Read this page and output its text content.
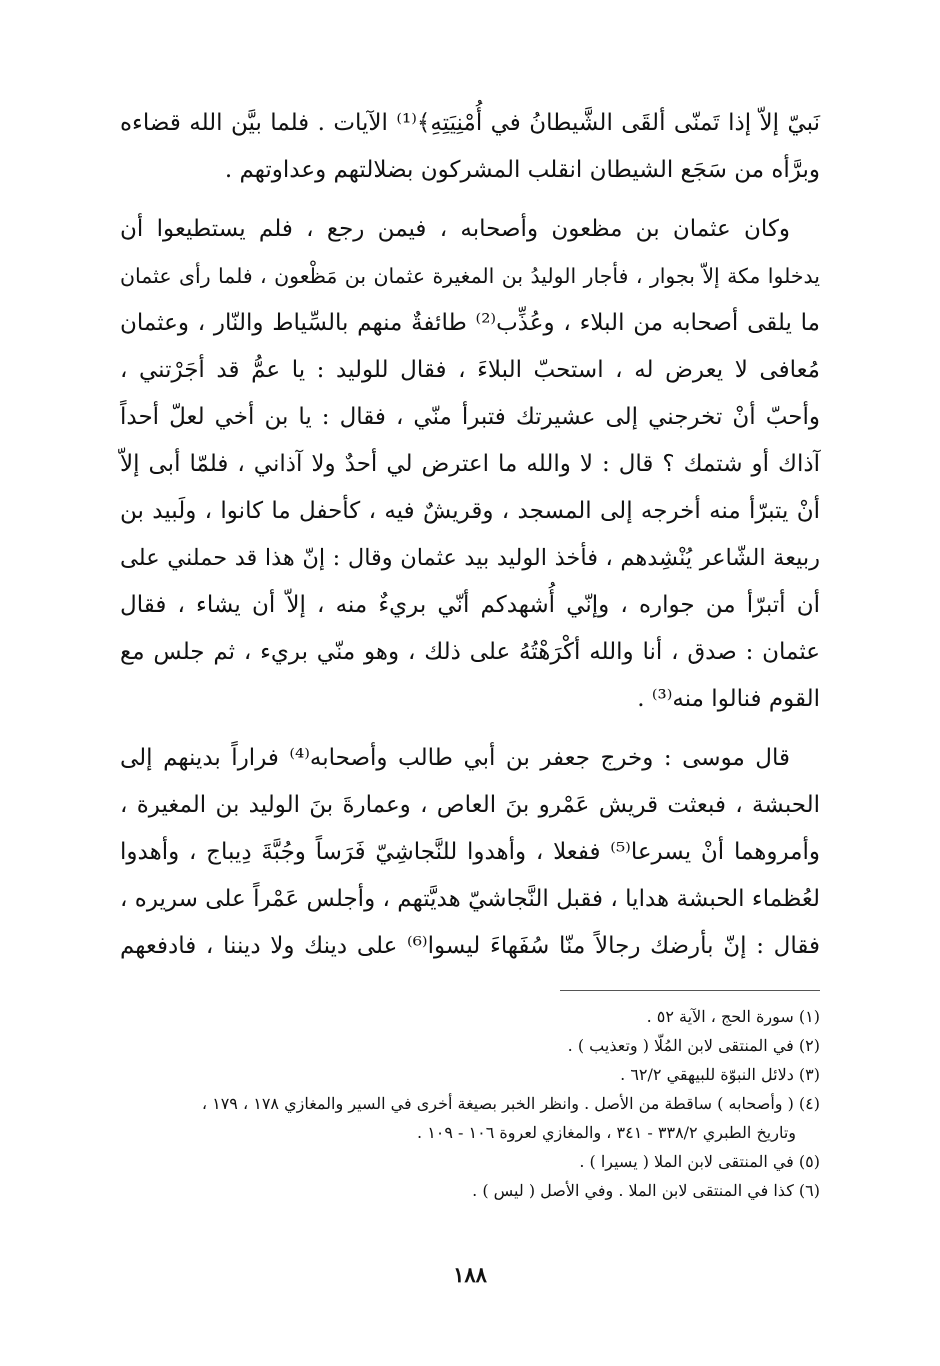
نَبيّ إلاّ إذا تَمنّى ألقَى الشَّيطانُ في أُمْنِيَتِهِ﴾⁽¹⁾ الآيات . فلما بيَّن الله قضاءه
وبرَّأه من سَجَع الشيطان انقلب المشركون بضلالتهم وعداوتهم .
وكان عثمان بن مظعون وأصحابه ، فيمن رجع ، فلم يستطيعوا أن
يدخلوا مكة إلاّ بجوار ، فأجار الوليدُ بن المغيرة عثمان بن مَظْعون ، فلما رأى عثمان
ما يلقى أصحابه من البلاء ، وعُذِّب⁽²⁾ طائفةٌ منهم بالسِّياط والنّار ، وعثمان
مُعافى لا يعرض له ، استحبّ البلاءَ ، فقال للوليد : يا عمُّ قد أجَرْتني ،
وأحبّ أنْ تخرجني إلى عشيرتك فتبرأ منّي ، فقال : يا بن أخي لعلّ أحداً
آذاك أو شتمك ؟ قال : لا والله ما اعترض لي أحدٌ ولا آذاني ، فلمّا أبى إلاّ
أنْ يتبرّأ منه أخرجه إلى المسجد ، وقريشٌ فيه ، كأحفل ما كانوا ، ولَبيد بن
ربيعة الشّاعر يُنْشِدهم ، فأخذ الوليد بيد عثمان وقال : إنّ هذا قد حملني على
أن أتبرّأ من جواره ، وإنّي أُشهدكم أنّي بريءٌ منه ، إلاّ أن يشاء ، فقال
عثمان : صدق ، أنا والله أكْرَهْتُهُ على ذلك ، وهو منّي بريء ، ثم جلس مع
القوم فنالوا منه⁽³⁾ .
قال موسى : وخرج جعفر بن أبي طالب وأصحابه⁽⁴⁾ فراراً بدينهم إلى
الحبشة ، فبعثت قريش عَمْرو بنَ العاص ، وعمارةَ بنَ الوليد بن المغيرة ،
وأمروهما أنْ يسرعا⁽⁵⁾ ففعلا ، وأهدوا للنَّجاشِيّ فَرَساً وجُبَّةَ دِيباج ، وأهدوا
لعُظماء الحبشة هدايا ، فقبل النَّجاشيّ هديَّتهم ، وأجلس عَمْراً على سريره ،
فقال : إنّ بأرضك رجالاً منّا سُفَهاءَ ليسوا⁽⁶⁾ على دينك ولا ديننا ، فادفعهم
(١) سورة الحج ، الآية ٥٢ .
(٢) في المنتقى لابن المُلّا ( وتعذيب ) .
(٣) دلائل النبوّة للبيهقي ٦٢/٢ .
(٤) ( وأصحابه ) ساقطة من الأصل . وانظر الخبر بصيغة أخرى في السير والمغازي ١٧٨ ، ١٧٩ ،
وتاريخ الطبري ٣٣٨/٢ - ٣٤١ ، والمغازي لعروة ١٠٦ - ١٠٩ .
(٥) في المنتقى لابن الملا ( يسيرا ) .
(٦) كذا في المنتقى لابن الملا . وفي الأصل ( ليس ) .
١٨٨
